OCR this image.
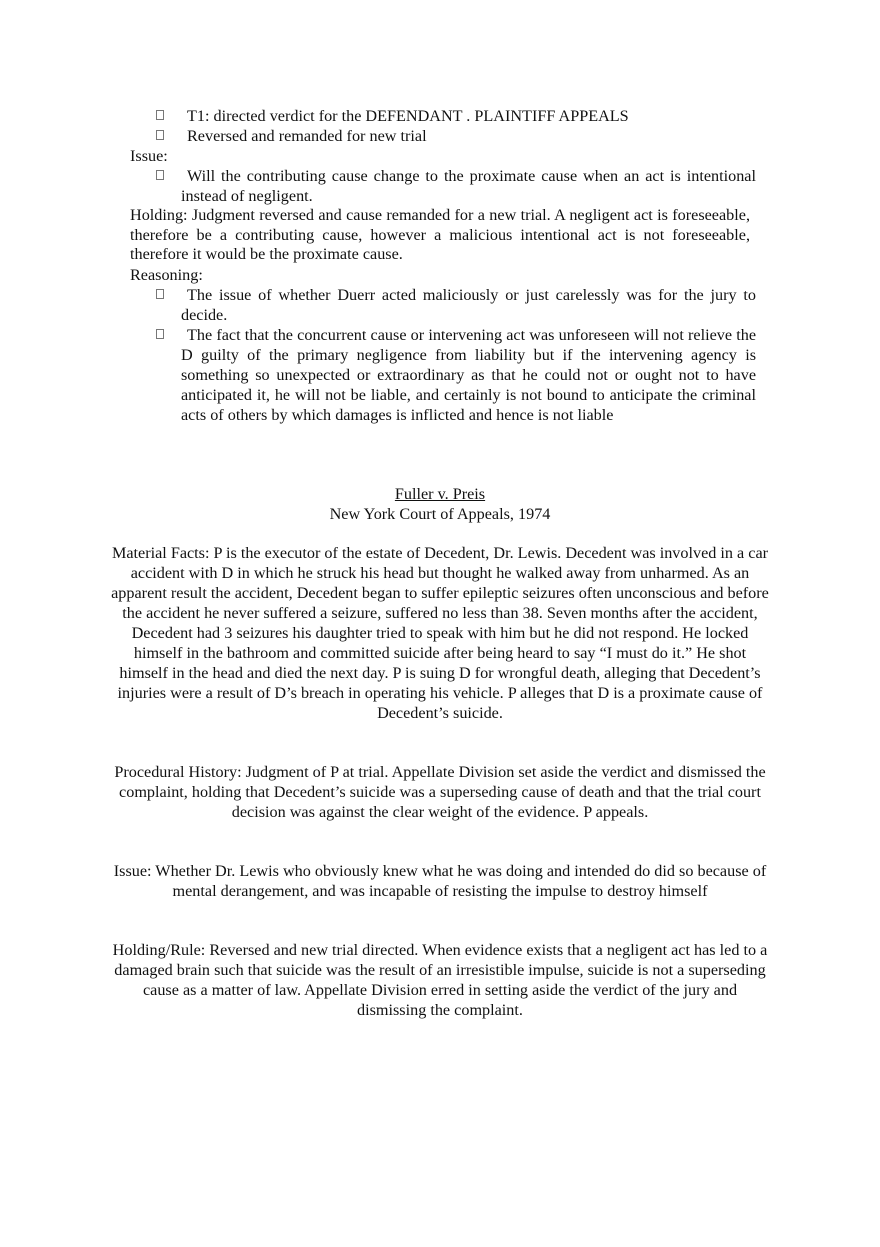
T1: directed verdict for the DEFENDANT . PLAINTIFF APPEALS
Reversed and remanded for new trial
Issue:
Will the contributing cause change to the proximate cause when an act is intentional instead of negligent.
Holding: Judgment reversed and cause remanded for a new trial. A negligent act is foreseeable, therefore be a contributing cause, however a malicious intentional act is not foreseeable, therefore it would be the proximate cause.
Reasoning:
The issue of whether Duerr acted maliciously or just carelessly was for the jury to decide.
The fact that the concurrent cause or intervening act was unforeseen will not relieve the D guilty of the primary negligence from liability but if the intervening agency is something so unexpected or extraordinary as that he could not or ought not to have anticipated it, he will not be liable, and certainly is not bound to anticipate the criminal acts of others by which damages is inflicted and hence is not liable
Fuller v. Preis
New York Court of Appeals, 1974
Material Facts: P is the executor of the estate of Decedent, Dr. Lewis. Decedent was involved in a car accident with D in which he struck his head but thought he walked away from unharmed. As an apparent result the accident, Decedent began to suffer epileptic seizures often unconscious and before the accident he never suffered a seizure, suffered no less than 38. Seven months after the accident, Decedent had 3 seizures his daughter tried to speak with him but he did not respond. He locked himself in the bathroom and committed suicide after being heard to say “I must do it.” He shot himself in the head and died the next day. P is suing D for wrongful death, alleging that Decedent’s injuries were a result of D’s breach in operating his vehicle. P alleges that D is a proximate cause of Decedent’s suicide.
Procedural History: Judgment of P at trial. Appellate Division set aside the verdict and dismissed the complaint, holding that Decedent’s suicide was a superseding cause of death and that the trial court decision was against the clear weight of the evidence. P appeals.
Issue: Whether Dr. Lewis who obviously knew what he was doing and intended do did so because of mental derangement, and was incapable of resisting the impulse to destroy himself
Holding/Rule: Reversed and new trial directed. When evidence exists that a negligent act has led to a damaged brain such that suicide was the result of an irresistible impulse, suicide is not a superseding cause as a matter of law. Appellate Division erred in setting aside the verdict of the jury and dismissing the complaint.
